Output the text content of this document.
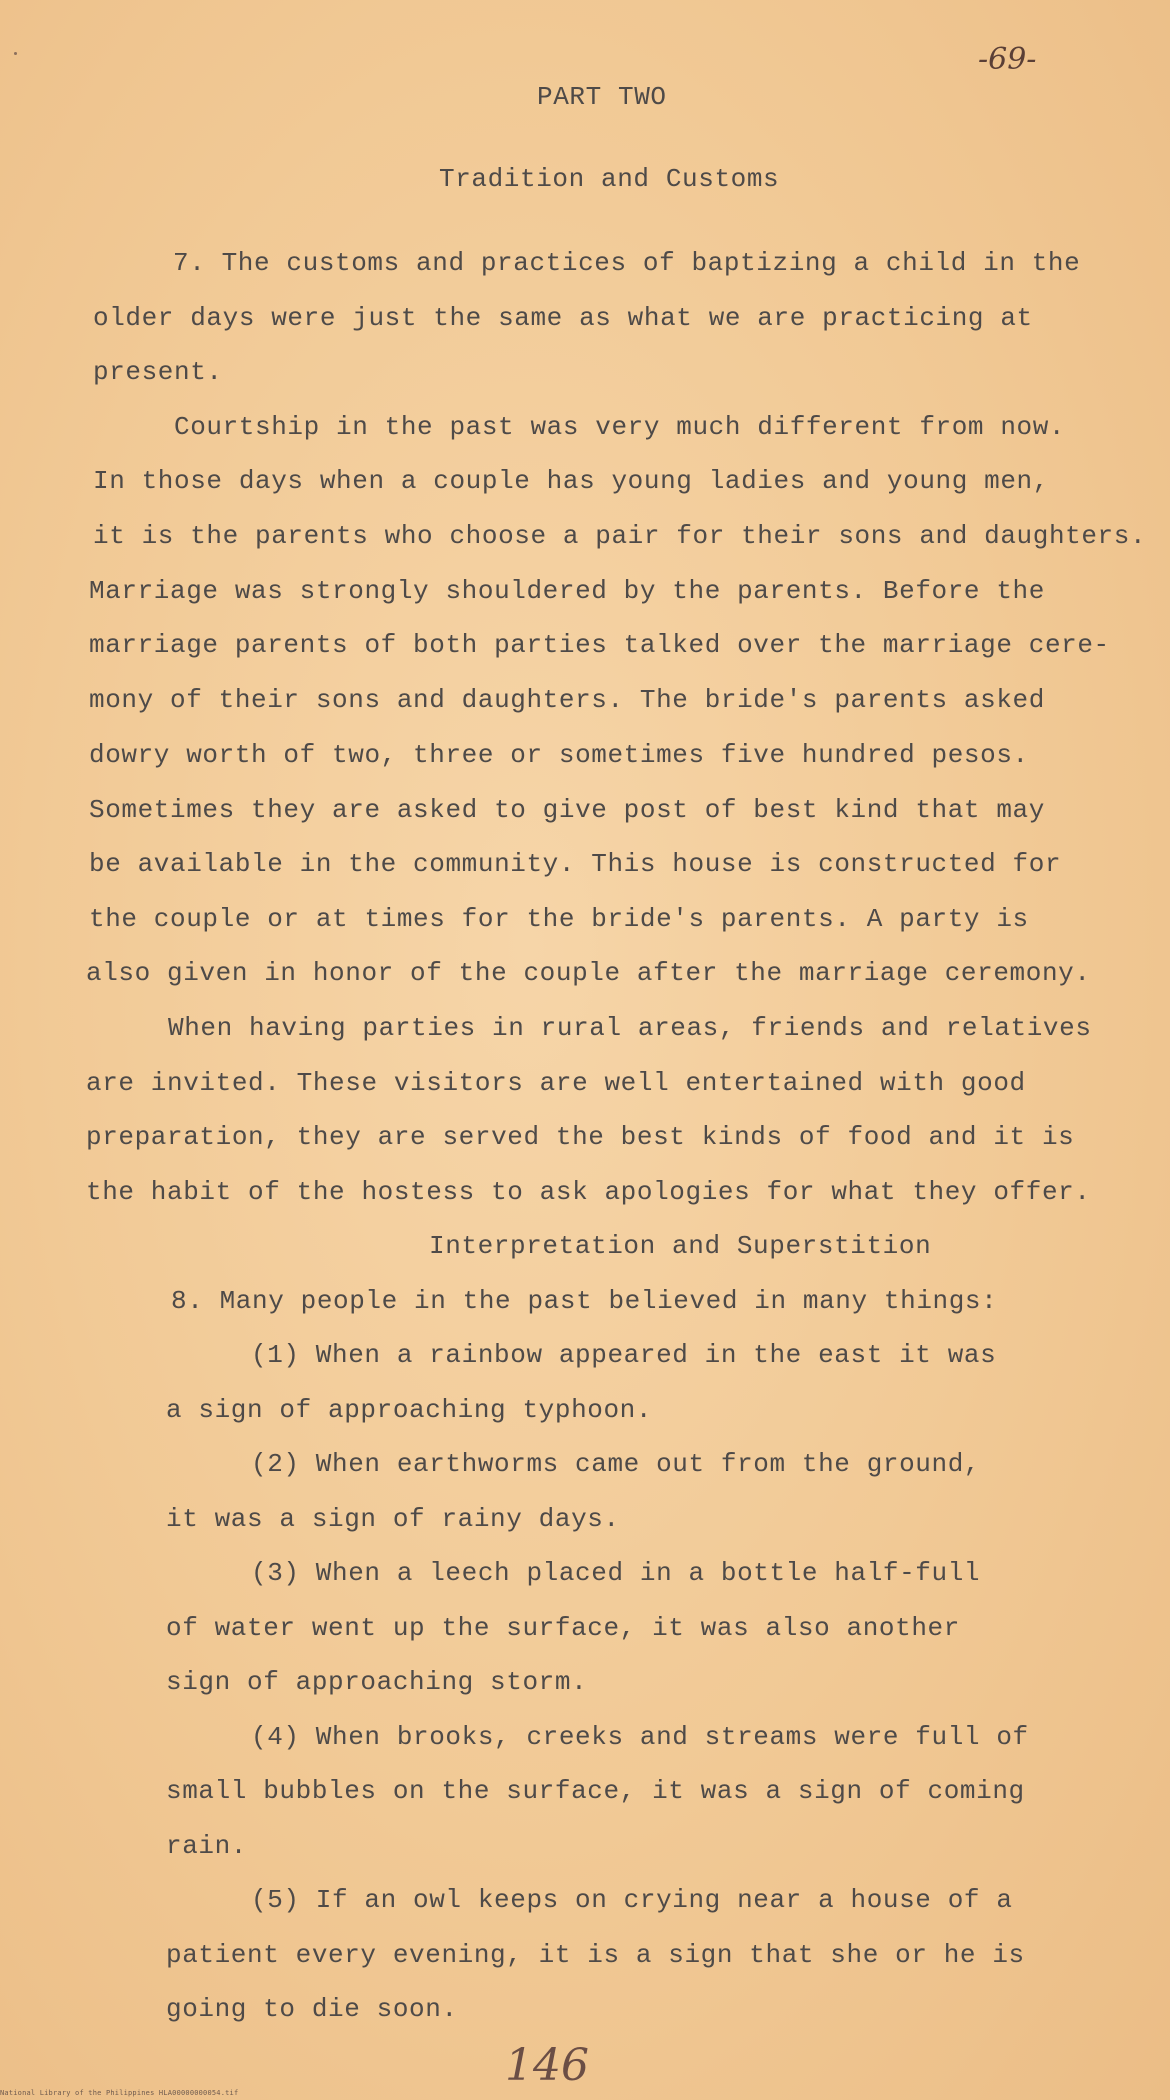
-69-
PART TWO
Tradition and Customs
7. The customs and practices of baptizing a child in the
older days were just the same as what we are practicing at
present.
Courtship in the past was very much different from now.
In those days when a couple has young ladies and young men,
it is the parents who choose a pair for their sons and daughters.
Marriage was strongly shouldered by the parents. Before the
marriage parents of both parties talked over the marriage cere-
mony of their sons and daughters. The bride's parents asked
dowry worth of two, three or sometimes five hundred pesos.
Sometimes they are asked to give post of best kind that may
be available in the community. This house is constructed for
the couple or at times for the bride's parents. A party is
also given in honor of the couple after the marriage ceremony.
When having parties in rural areas, friends and relatives
are invited. These visitors are well entertained with good
preparation, they are served the best kinds of food and it is
the habit of the hostess to ask apologies for what they offer.
Interpretation and Superstition
8. Many people in the past believed in many things:
(1) When a rainbow appeared in the east it was
a sign of approaching typhoon.
(2) When earthworms came out from the ground,
it was a sign of rainy days.
(3) When a leech placed in a bottle half-full
of water went up the surface, it was also another
sign of approaching storm.
(4) When brooks, creeks and streams were full of
small bubbles on the surface, it was a sign of coming
rain.
(5) If an owl keeps on crying near a house of a
patient every evening, it is a sign that she or he is
going to die soon.
146
National Library of the Philippines HLA00000000054.tif
